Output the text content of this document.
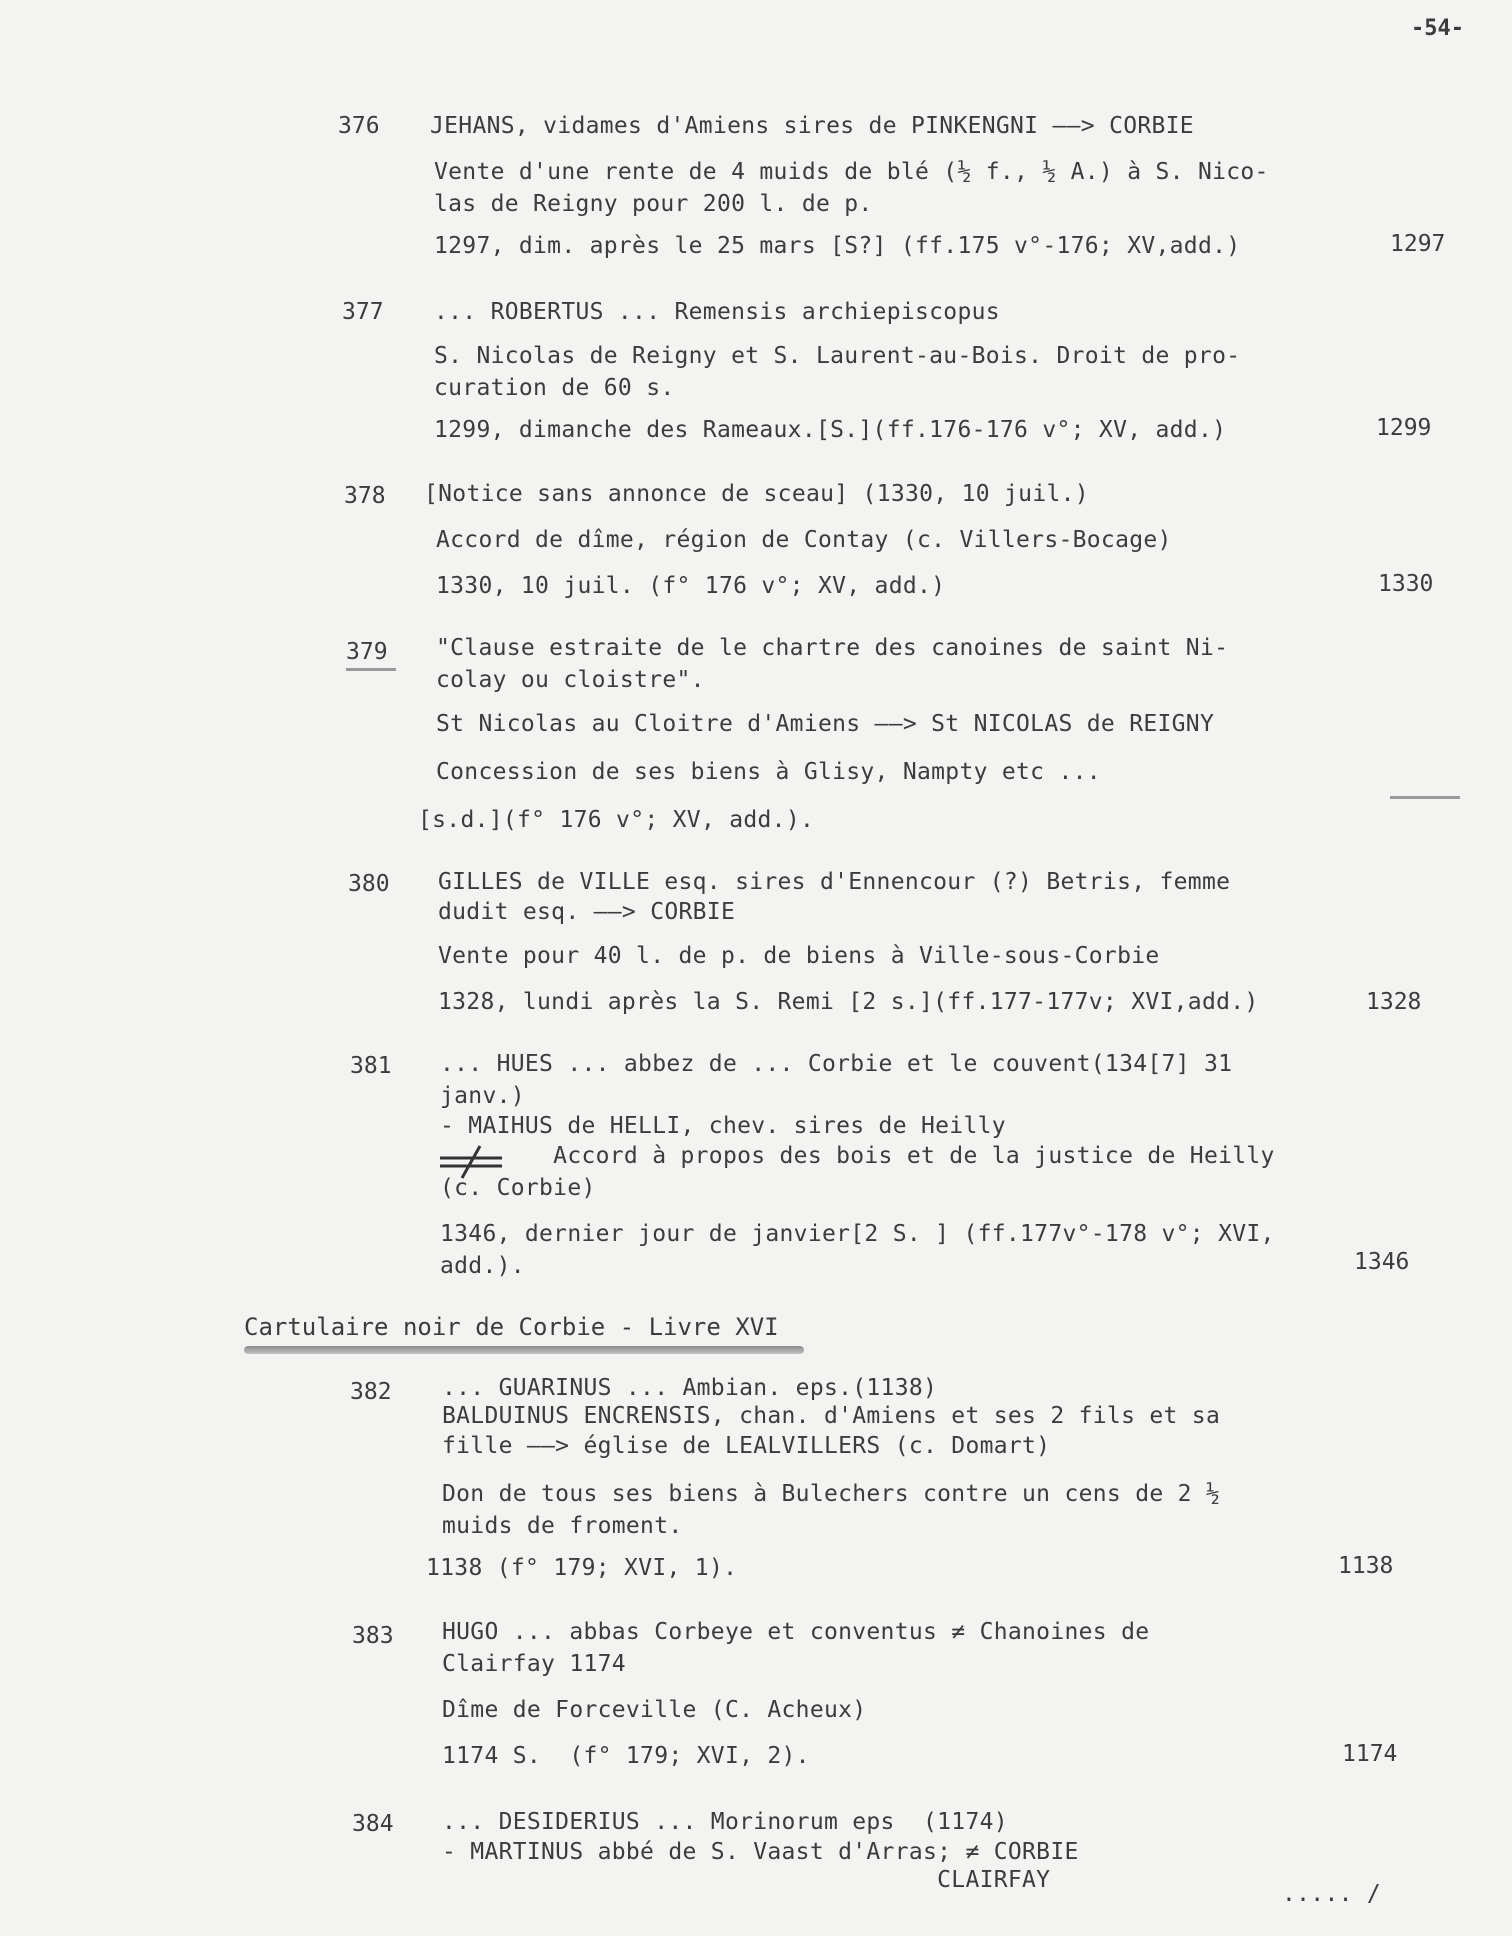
-54-
376 JEHANS, vidames d'Amiens sires de PINKENGNI ——> CORBIE
Vente d'une rente de 4 muids de blé (½ f., ½ A.) à S. Nico-
las de Reigny pour 200 l. de p.
1297, dim. après le 25 mars [S?] (ff.175 v°-176; XV,add.)	1297
377 ... ROBERTUS ... Remensis archiepiscopus
S. Nicolas de Reigny et S. Laurent-au-Bois. Droit de pro-
curation de 60 s.
1299, dimanche des Rameaux.[S.](ff.176-176 v°; XV, add.)	1299
378 [Notice sans annonce de sceau] (1330, 10 juil.)
Accord de dîme, région de Contay (c. Villers-Bocage)
1330, 10 juil. (f° 176 v°; XV, add.)	1330
379 "Clause estraite de le chartre des canoines de saint Ni-
colay ou cloistre".
St Nicolas au Cloitre d'Amiens ——> St NICOLAS de REIGNY
Concession de ses biens à Glisy, Nampty etc ...
[s.d.](f° 176 v°; XV, add.).
380 GILLES de VILLE esq. sires d'Ennencour (?) Betris, femme
dudit esq. ——> CORBIE
Vente pour 40 l. de p. de biens à Ville-sous-Corbie
1328, lundi après la S. Remi [2 s.](ff.177-177v; XVI,add.)	1328
381 ... HUES ... abbez de ... Corbie et le couvent(134[7] 31
janv.)
- MAIHUS de HELLI, chev. sires de Heilly
Accord à propos des bois et de la justice de Heilly
(c. Corbie)
1346, dernier jour de janvier[2 S. ] (ff.177v°-178 v°; XVI,
add.).	1346
Cartulaire noir de Corbie - Livre XVI
382 ... GUARINUS ... Ambian. eps.(1138)
BALDUINUS ENCRENSIS, chan. d'Amiens et ses 2 fils et sa
fille ——> église de LEALVILLERS (c. Domart)
Don de tous ses biens à Bulechers contre un cens de 2 ½
muids de froment.
1138 (f° 179; XVI, 1).	1138
383 HUGO ... abbas Corbeye et conventus ≠ Chanoines de
Clairfay 1174
Dîme de Forceville (C. Acheux)
1174 S.  (f° 179; XVI, 2).	1174
384 ... DESIDERIUS ... Morinorum eps  (1174)
- MARTINUS abbé de S. Vaast d'Arras; ≠ CORBIE
CLAIRFAY
..... /
